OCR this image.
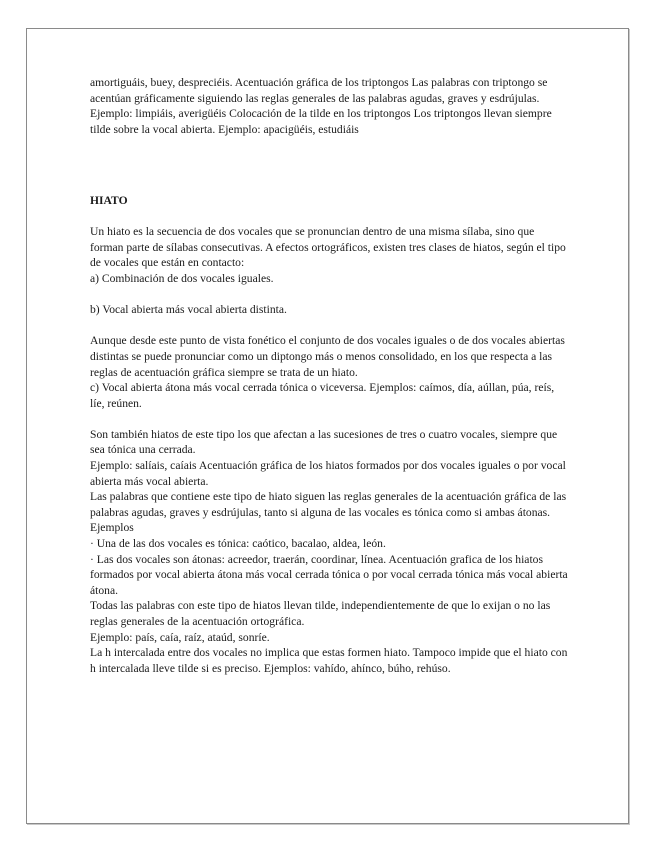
amortiguáis, buey, despreciéis. Acentuación gráfica de los triptongos Las palabras con triptongo se acentúan gráficamente siguiendo las reglas generales de las palabras agudas, graves y esdrújulas. Ejemplo: limpiáis, averigüéis Colocación de la tilde en los triptongos Los triptongos llevan siempre tilde sobre la vocal abierta. Ejemplo: apacigüéis, estudiáis

HIATO

Un hiato es la secuencia de dos vocales que se pronuncian dentro de una misma sílaba, sino que forman parte de sílabas consecutivas. A efectos ortográficos, existen tres clases de hiatos, según el tipo de vocales que están en contacto:

a) Combinación de dos vocales iguales.

b) Vocal abierta más vocal abierta distinta.

Aunque desde este punto de vista fonético el conjunto de dos vocales iguales o de dos vocales abiertas distintas se puede pronunciar como un diptongo más o menos consolidado, en los que respecta a las reglas de acentuación gráfica siempre se trata de un hiato.

c) Vocal abierta átona más vocal cerrada tónica o viceversa. Ejemplos: caímos, día, aúllan, púa, reís, líe, reúnen.

Son también hiatos de este tipo los que afectan a las sucesiones de tres o cuatro vocales, siempre que sea tónica una cerrada.

Ejemplo: salíais, caíais Acentuación gráfica de los hiatos formados por dos vocales iguales o por vocal abierta más vocal abierta.

Las palabras que contiene este tipo de hiato siguen las reglas generales de la acentuación gráfica de las palabras agudas, graves y esdrújulas, tanto si alguna de las vocales es tónica como si ambas átonas.

Ejemplos

· Una de las dos vocales es tónica: caótico, bacalao, aldea, león.

· Las dos vocales son átonas: acreedor, traerán, coordinar, línea. Acentuación grafica de los hiatos formados por vocal abierta átona más vocal cerrada tónica o por vocal cerrada tónica más vocal abierta átona.

Todas las palabras con este tipo de hiatos llevan tilde, independientemente de que lo exijan o no las reglas generales de la acentuación ortográfica.

Ejemplo: país, caía, raíz, ataúd, sonríe.

La h intercalada entre dos vocales no implica que estas formen hiato. Tampoco impide que el hiato con h intercalada lleve tilde si es preciso. Ejemplos: vahído, ahínco, búho, rehúso.
